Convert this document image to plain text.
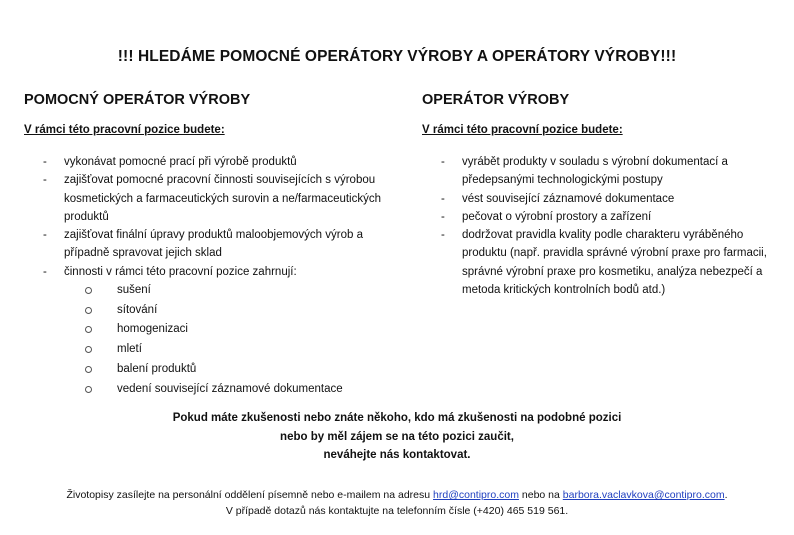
!!! HLEDÁME POMOCNÉ OPERÁTORY VÝROBY A OPERÁTORY VÝROBY!!!
POMOCNÝ OPERÁTOR VÝROBY
V rámci této pracovní pozice budete:
- vykonávat pomocné prací při výrobě produktů
- zajišťovat pomocné pracovní činnosti souvisejících s výrobou kosmetických a farmaceutických surovin a ne/farmaceutických produktů
- zajišťovat finální úpravy produktů maloobjemových výrob a případně spravovat jejich sklad
- činnosti v rámci této pracovní pozice zahrnují:
sušení
sítování
homogenizaci
mletí
balení produktů
vedení související záznamové dokumentace
OPERÁTOR VÝROBY
V rámci této pracovní pozice budete:
- vyrábět produkty v souladu s výrobní dokumentací a předepsanými technologickými postupy
- vést související záznamové dokumentace
- pečovat o výrobní prostory a zařízení
- dodržovat pravidla kvality podle charakteru vyráběného produktu (např. pravidla správné výrobní praxe pro farmacii, správné výrobní praxe pro kosmetiku, analýza nebezpečí a metoda kritických kontrolních bodů atd.)
Pokud máte zkušenosti nebo znáte někoho, kdo má zkušenosti na podobné pozici
nebo by měl zájem se na této pozici zaučit,
neváhejte nás kontaktovat.
Životopisy zasílejte na personální oddělení písemně nebo e-mailem na adresu hrd@contipro.com nebo na barbora.vaclavkova@contipro.com.
V případě dotazů nás kontaktujte na telefonním čísle (+420) 465 519 561.
